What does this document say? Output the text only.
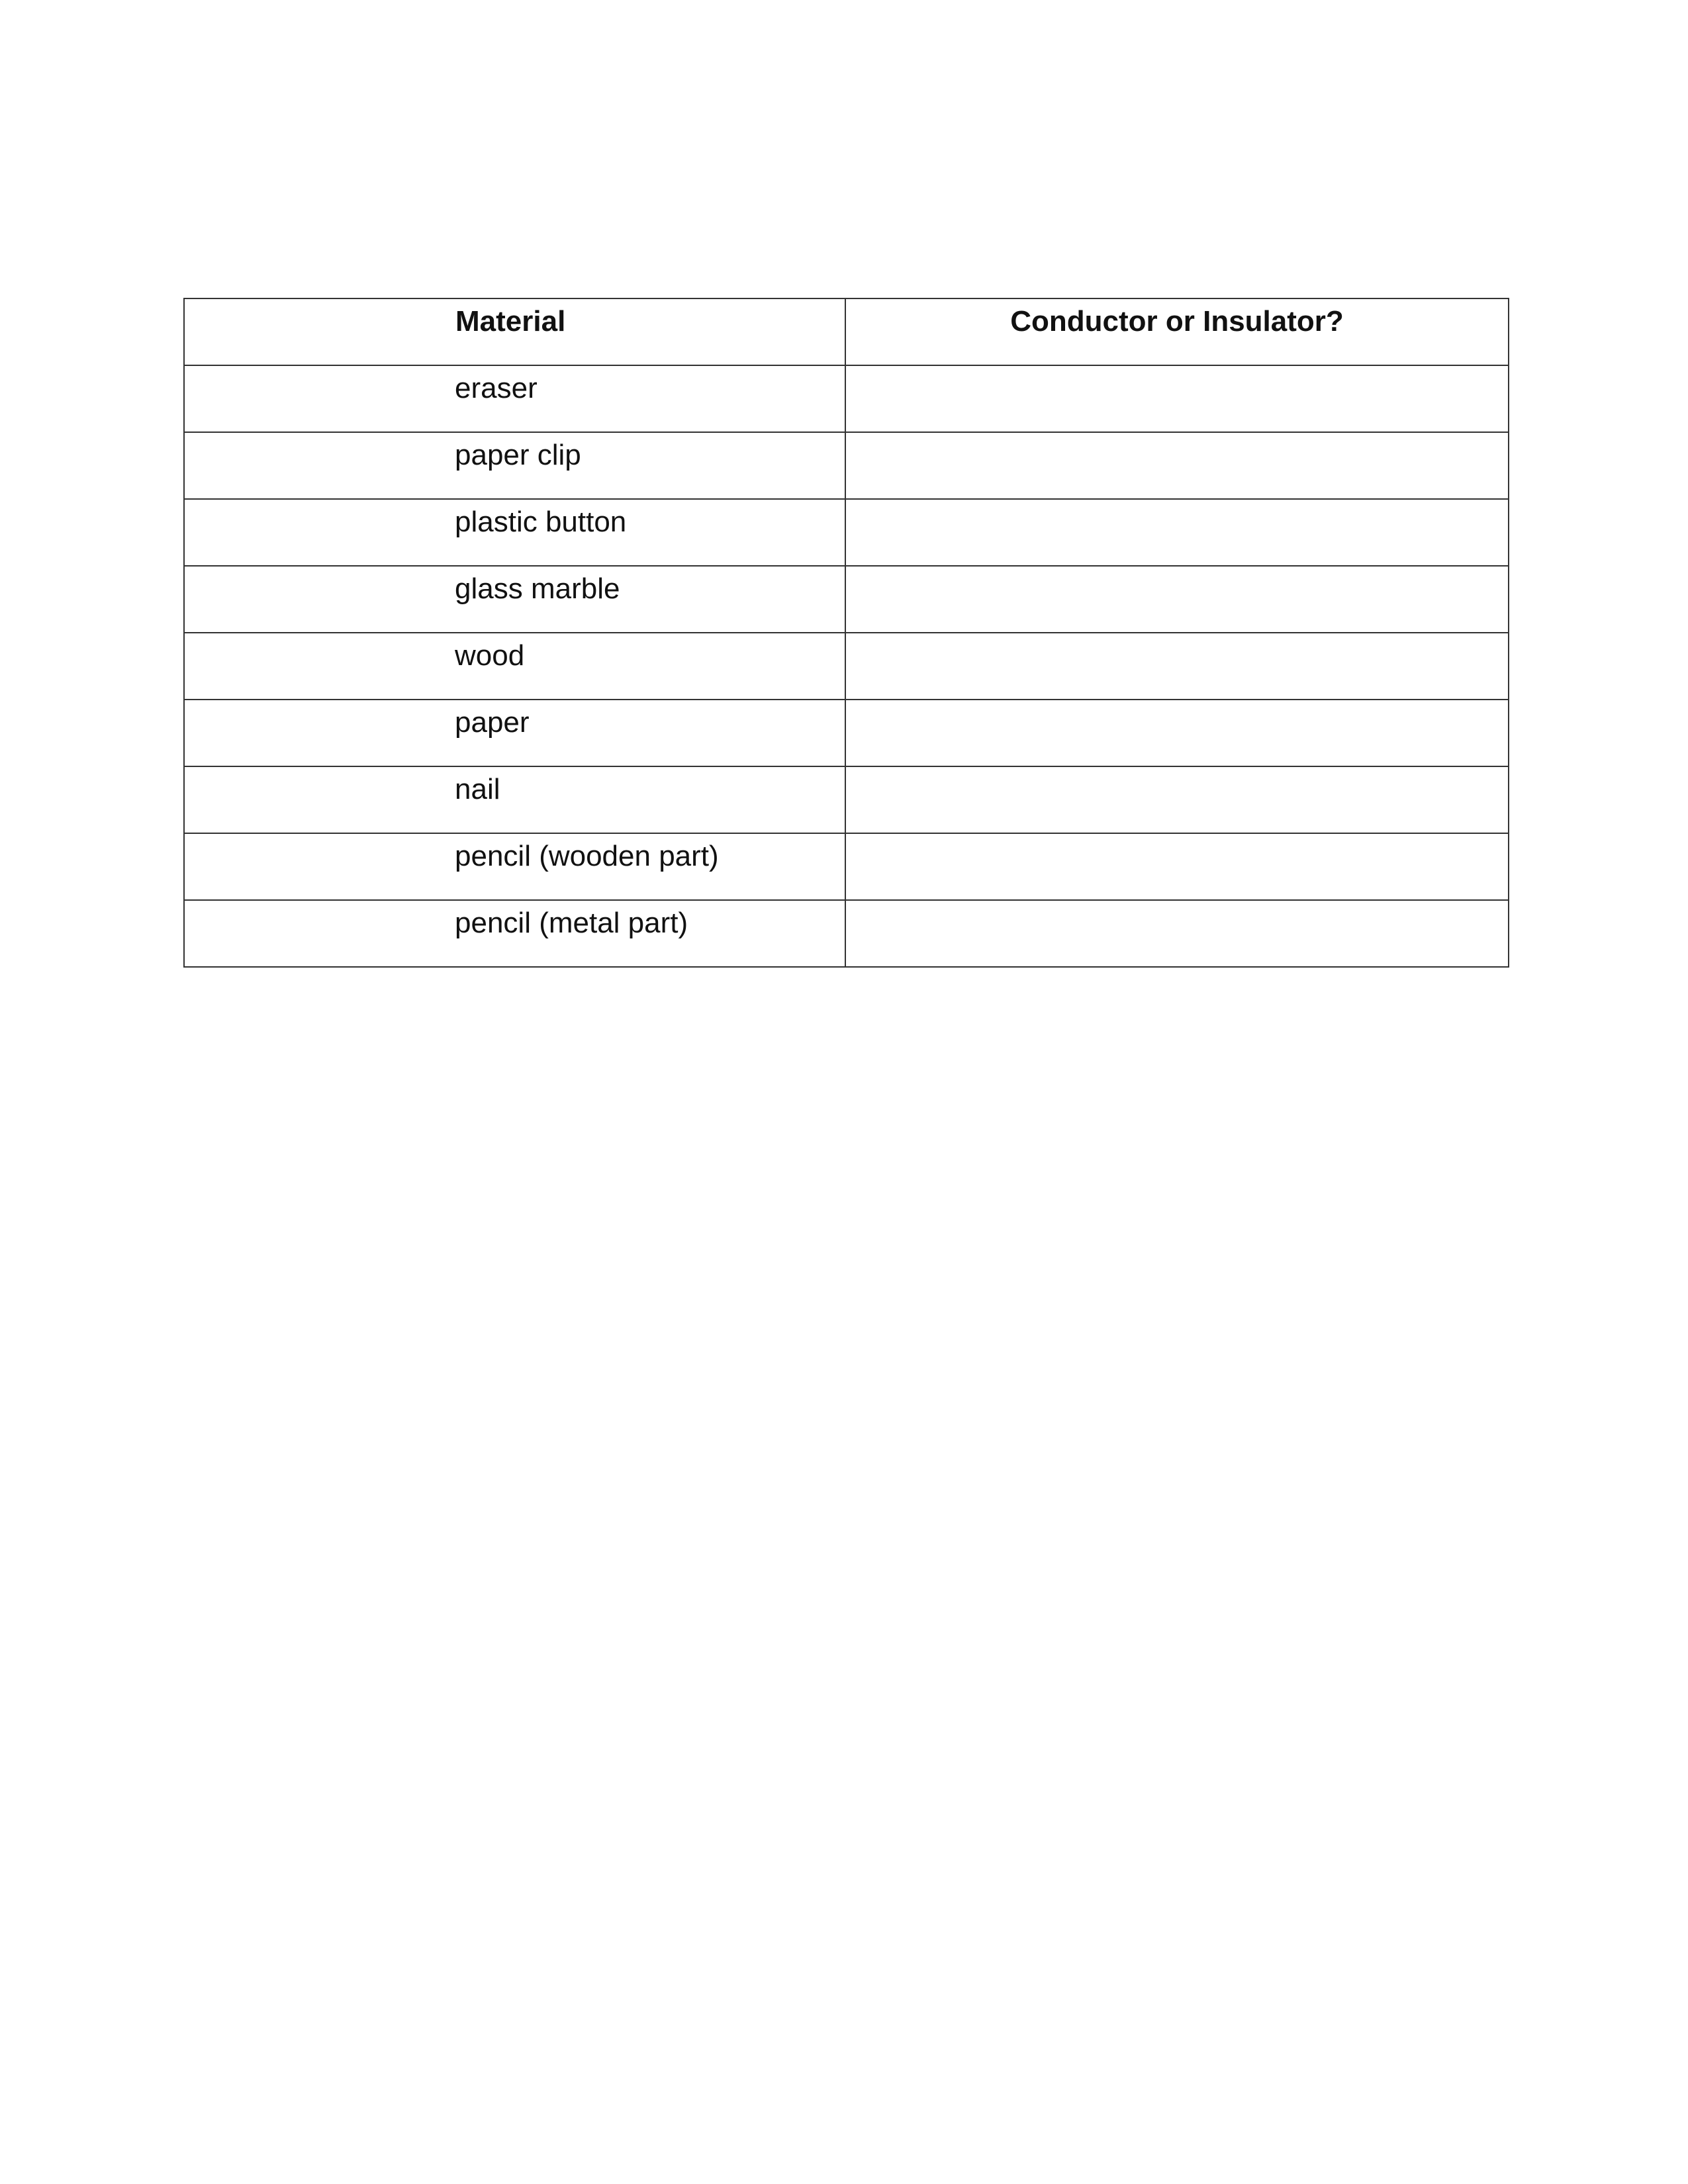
Material	Conductor or Insulator?

eraser	

paper clip	

plastic button	

glass marble	

wood	

paper	

nail	

pencil (wooden part)	

pencil (metal part)	
